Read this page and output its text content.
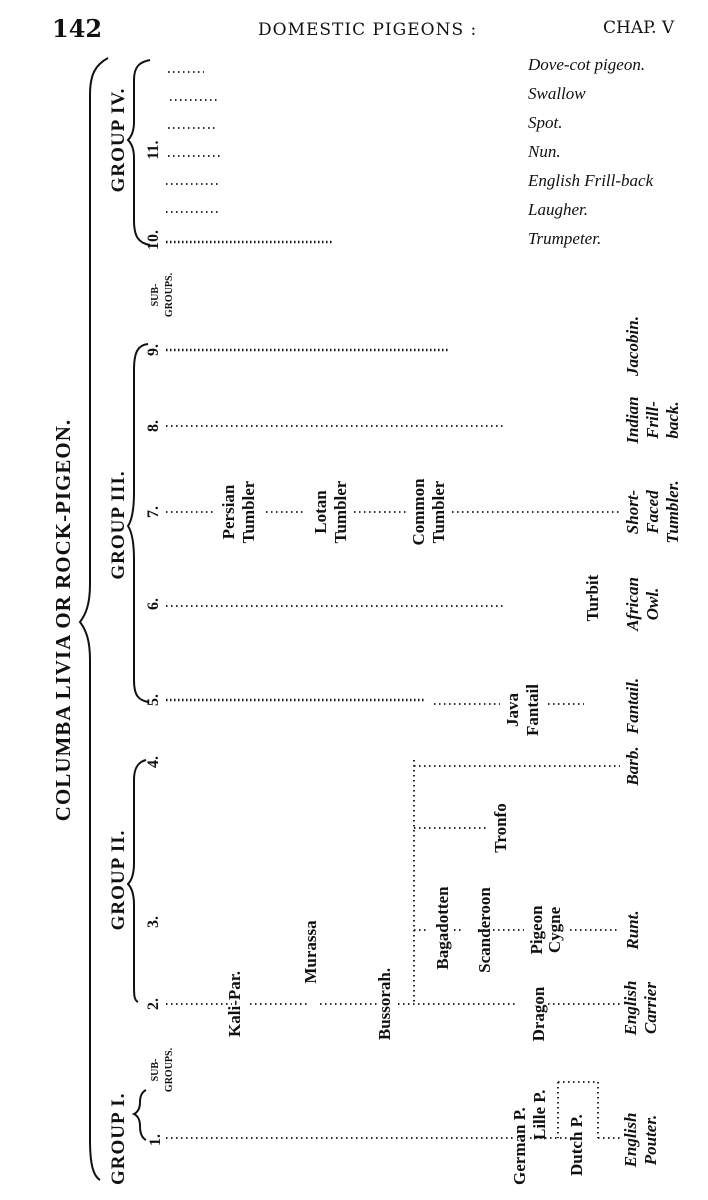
142	DOMESTIC PIGEONS :	CHAP. V
COLUMBA LIVIA OR ROCK-PIGEON.
GROUP I.
GROUP II.
GROUP III.
GROUP IV.
SUB- GROUPS.
SUB- GROUPS.
1.
2.
3.
4.
5.
6.
7.
8.
9.
10.
11.
German P. Lille P. Dutch P.
Kali-Par.
Murassa
Bussorah.
Bagadotten Scanderoon Pigeon Cygne
Dragon
Tronfo
Java Fantail
Turbit
Persian Tumbler	Lotan Tumbler	Common Tumbler
English Pouter.
English Carrier
Runt.
Barb.
Fantail.
African Owl.
Short- Faced Tumbler.
Indian Frill- back.
Jacobin.
Dove-cot pigeon.
Swallow
Spot.
Nun.
English Frill-back
Laugher.
Trumpeter.
